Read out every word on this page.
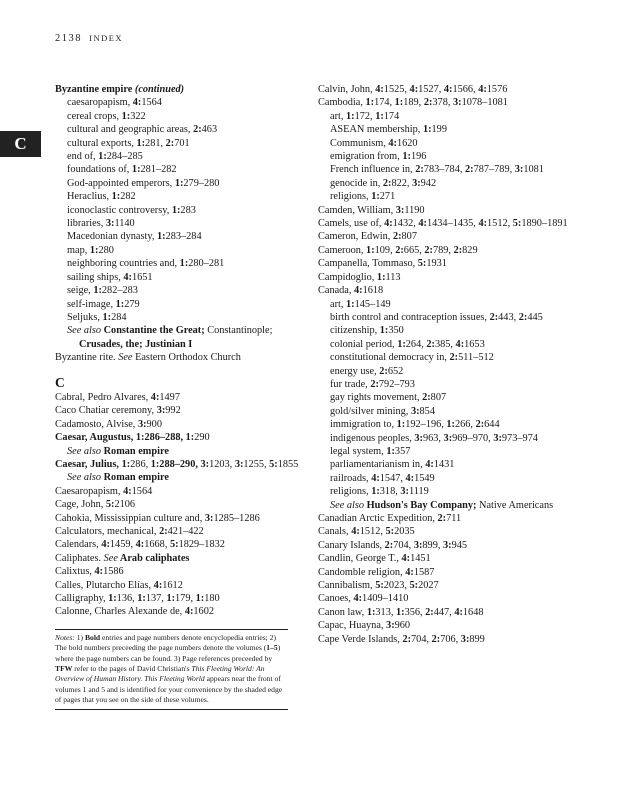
2138 INDEX
C
Byzantine empire (continued)
caesaropapism, 4:1564
cereal crops, 1:322
cultural and geographic areas, 2:463
cultural exports, 1:281, 2:701
end of, 1:284–285
foundations of, 1:281–282
God-appointed emperors, 1:279–280
Heraclius, 1:282
iconoclastic controversy, 1:283
libraries, 3:1140
Macedonian dynasty, 1:283–284
map, 1:280
neighboring countries and, 1:280–281
sailing ships, 4:1651
seige, 1:282–283
self-image, 1:279
Seljuks, 1:284
See also Constantine the Great; Constantinople; Crusades, the; Justinian I
Byzantine rite. See Eastern Orthodox Church
C
Cabral, Pedro Alvares, 4:1497
Caco Chatiar ceremony, 3:992
Cadamosto, Alvise, 3:900
Caesar, Augustus, 1:286–288, 1:290
See also Roman empire
Caesar, Julius, 1:286, 1:288–290, 3:1203, 3:1255, 5:1855
See also Roman empire
Caesaropapism, 4:1564
Cage, John, 5:2106
Cahokia, Mississippian culture and, 3:1285–1286
Calculators, mechanical, 2:421–422
Calendars, 4:1459, 4:1668, 5:1829–1832
Caliphates. See Arab caliphates
Calixtus, 4:1586
Calles, Plutarcho Elías, 4:1612
Calligraphy, 1:136, 1:137, 1:179, 1:180
Calonne, Charles Alexande de, 4:1602
Notes: 1) Bold entries and page numbers denote encyclopedia entries; 2) The bold numbers preceeding the page numbers denote the volumes (1–5) where the page numbers can be found. 3) Page references preceeded by TFW refer to the pages of David Christian's This Fleeting World: An Overview of Human History. This Fleeting World appears near the front of volumes 1 and 5 and is identified for your convenience by the shaded edge of pages that you see on the side of these volumes.
Calvin, John, 4:1525, 4:1527, 4:1566, 4:1576
Cambodia, 1:174, 1:189, 2:378, 3:1078–1081
art, 1:172, 1:174
ASEAN membership, 1:199
Communism, 4:1620
emigration from, 1:196
French influence in, 2:783–784, 2:787–789, 3:1081
genocide in, 2:822, 3:942
religions, 1:271
Camden, William, 3:1190
Camels, use of, 4:1432, 4:1434–1435, 4:1512, 5:1890–1891
Cameron, Edwin, 2:807
Cameroon, 1:109, 2:665, 2:789, 2:829
Campanella, Tommaso, 5:1931
Campidoglio, 1:113
Canada, 4:1618
art, 1:145–149
birth control and contraception issues, 2:443, 2:445
citizenship, 1:350
colonial period, 1:264, 2:385, 4:1653
constitutional democracy in, 2:511–512
energy use, 2:652
fur trade, 2:792–793
gay rights movement, 2:807
gold/silver mining, 3:854
immigration to, 1:192–196, 1:266, 2:644
indigenous peoples, 3:963, 3:969–970, 3:973–974
legal system, 1:357
parliamentarianism in, 4:1431
railroads, 4:1547, 4:1549
religions, 1:318, 3:1119
See also Hudson's Bay Company; Native Americans
Canadian Arctic Expedition, 2:711
Canals, 4:1512, 5:2035
Canary Islands, 2:704, 3:899, 3:945
Candlin, George T., 4:1451
Candomble religion, 4:1587
Cannibalism, 5:2023, 5:2027
Canoes, 4:1409–1410
Canon law, 1:313, 1:356, 2:447, 4:1648
Capac, Huayna, 3:960
Cape Verde Islands, 2:704, 2:706, 3:899
